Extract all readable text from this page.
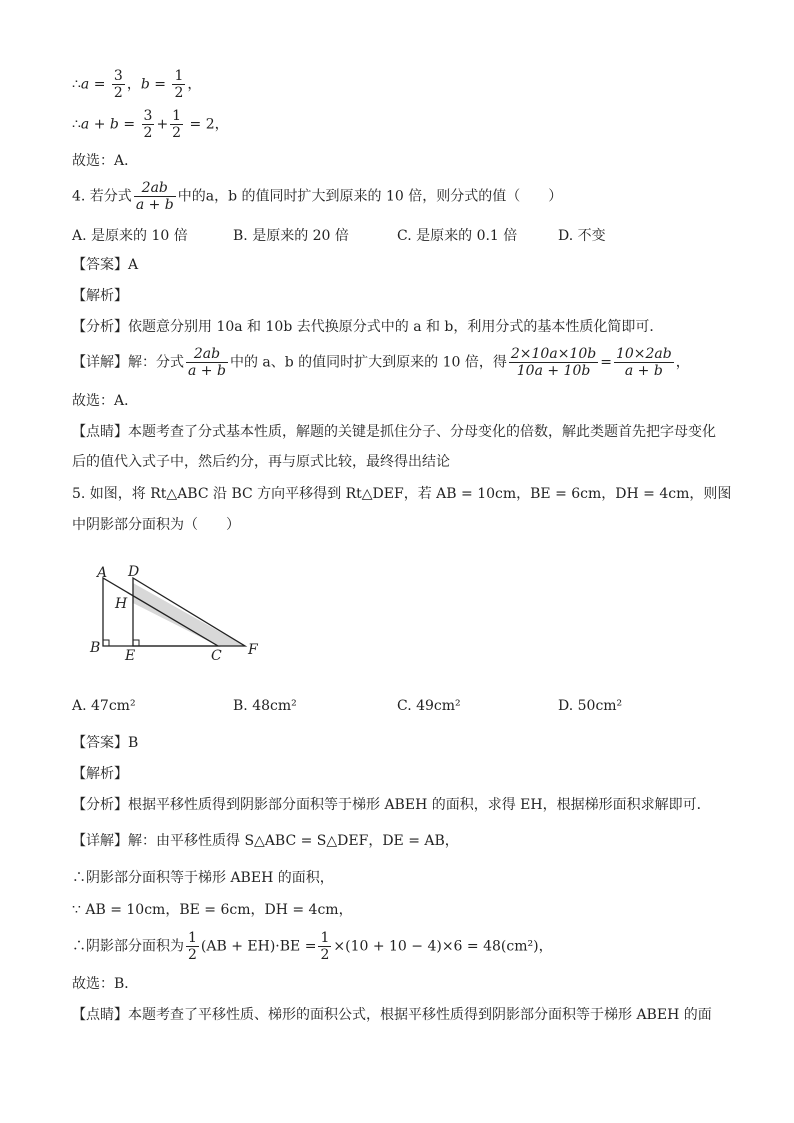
∴a = $\frac{3}{2}$ ，$b = \frac{1}{2}$ ，
∴a + $b = \frac{3}{2} + \frac{1}{2} = 2$，
故选：A．
4. 若分式 $\frac{2ab}{a + b}$ 中的a，b 的值同时扩大到原来的 10 倍，则分式的值（　　）
A. 是原来的 10 倍	B. 是原来的 20 倍	C. 是原来的 0.1 倍	D. 不变
【答案】A
【解析】
【分析】依题意分别用 10a 和 10b 去代换原分式中的 a 和 b，利用分式的基本性质化简即可．
【详解】解：分式 $\frac{2ab}{a + b}$ 中的 a、b 的值同时扩大到原来的 10 倍，得 $\frac{2\times 10a\times 10b}{10a + 10b} = \frac{10\times 2ab}{a + b}$ ，
故选：A．
【点睛】本题考查了分式基本性质，解题的关键是抓住分子、分母变化的倍数，解此类题首先把字母变化
后的值代入式子中，然后约分，再与原式比较，最终得出结论
5. 如图，将 Rt△ABC 沿 BC 方向平移得到 Rt△DEF，若 AB = 10cm，BE = 6cm，DH = 4cm，则图
中阴影部分面积为（　　）
A D
H
B E	C F
A. 47cm²	B. 48cm²	C. 49cm²	D. 50cm²
【答案】B
【解析】
【分析】根据平移性质得到阴影部分面积等于梯形 ABEH 的面积，求得 EH，根据梯形面积求解即可．
【详解】解：由平移性质得 S△ABC = S△DEF，DE = AB，
∴阴影部分面积等于梯形 ABEH 的面积，
∵ AB = 10cm，BE = 6cm，DH = 4cm，
∴阴影部分面积为 $\frac{1}{2} (AB + EH)\cdot BE = \frac{1}{2} \times(10 + 10 - 4)\times 6 = 48(cm^2)$，
故选：B．
【点睛】本题考查了平移性质、梯形的面积公式，根据平移性质得到阴影部分面积等于梯形 ABEH 的面
